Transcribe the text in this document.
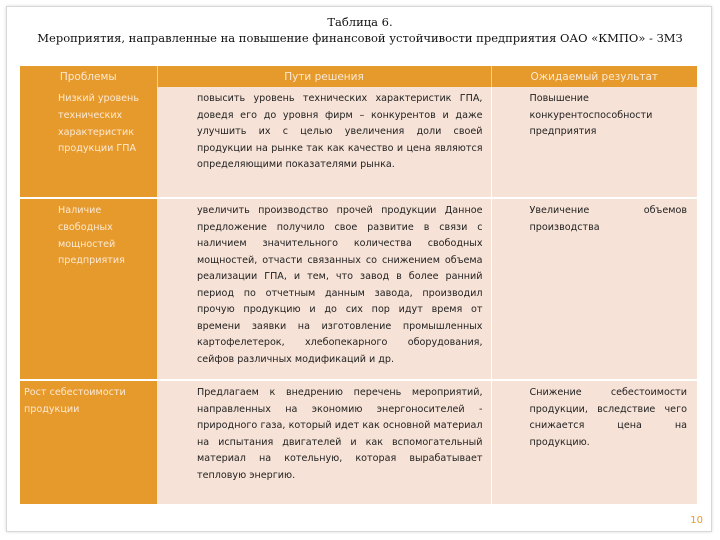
Таблица 6.
Мероприятия, направленные на повышение финансовой устойчивости предприятия ОАО «КМПО» - ЗМЗ
Проблемы	Пути решения	Ожидаемый результат
Низкий уровень технических характеристик продукции ГПА	повысить уровень технических характеристик ГПА, доведя его до уровня фирм – конкурентов и даже улучшить их с целью увеличения доли своей продукции на рынке так как качество и цена являются определяющими показателями рынка.	Повышение конкурентоспособности предприятия
Наличие свободных мощностей предприятия	увеличить производство прочей продукции Данное предложение получило свое развитие в связи с наличием значительного количества свободных мощностей, отчасти связанных со снижением объема реализации ГПА, и тем, что завод в более ранний период по отчетным данным завода, производил прочую продукцию и до сих пор идут время от времени заявки на изготовление промышленных картофелетерок, хлебопекарного оборудования, сейфов различных модификаций и др.	Увеличение объемов производства
Рост себестоимости продукции	Предлагаем к внедрению перечень мероприятий, направленных на экономию энергоносителей - природного газа, который идет как основной материал на испытания двигателей и как вспомогательный материал на котельную, которая вырабатывает тепловую энергию.	Снижение себестоимости продукции, вследствие чего снижается цена на продукцию.
10
